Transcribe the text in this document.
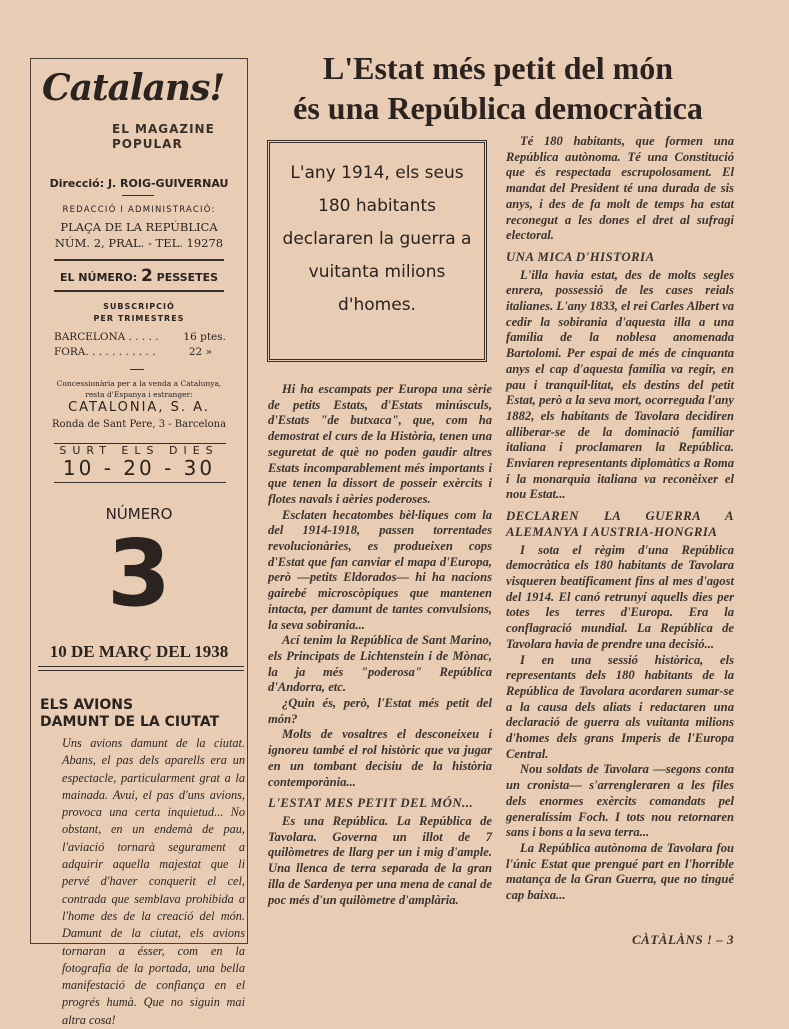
Catalans!
EL MAGAZINE
POPULAR
Direcció: J. ROIG-GUIVERNAU
REDACCIÓ I ADMINISTRACIÓ:
PLAÇA DE LA REPÚBLICA
NÚM. 2, PRAL. - TEL. 19278
EL NÚMERO: 2 PESSETES
SUBSCRIPCIÓ
PER TRIMESTRES
BARCELONA . . . . . 16 ptes.
FORA. . . . . . . . . . .	22 »
Concessionària per a la venda a Catalunya,
resta d'Espanya i estranger:
CATALONIA, S. A.
Ronda de Sant Pere, 3 - Barcelona
SURT ELS DIES
10 - 20 - 30
NÚMERO
3
10 DE MARÇ DEL 1938
ELS AVIONS
DAMUNT DE LA CIUTAT
Uns avions damunt de la ciutat. Abans, el pas dels aparells era un espectacle, particularment grat a la mainada. Avui, el pas d'uns avions, provoca una certa inquietud... No obstant, en un endemà de pau, l'aviació tornarà segurament a adquirir aquella majestat que li pervé d'haver conquerit el cel, contrada que semblava prohibida a l'home des de la creació del món. Damunt de la ciutat, els avions tornaran a ésser, com en la fotografia de la portada, una bella manifestació de confiança en el progrés humà. Que no siguin mai altra cosa!
L'Estat més petit del món
és una República democràtica
L'any 1914, els seus 180 habitants declararen la guerra a vuitanta milions d'homes.

Hi ha escampats per Europa una sèrie de petits Estats, d'Estats minúsculs, d'Estats "de butxaca", que, com ha demostrat el curs de la Història, tenen una seguretat de què no poden gaudir altres Estats incomparablement més importants i que tenen la dissort de posseir exèrcits i flotes navals i aèries poderoses.

Esclaten hecatombes bèl·liques com la del 1914-1918, passen torrentades revolucionàries, es produeixen cops d'Estat que fan canviar el mapa d'Europa, però —petits Eldorados— hi ha nacions gairebé microscòpiques que mantenen intacta, per damunt de tantes convulsions, la seva sobirania...

Ací tenim la República de Sant Marino, els Principats de Lichtenstein i de Mònac, la ja més "poderosa" República d'Andorra, etc.

¿Quin és, però, l'Estat més petit del món?

Molts de vosaltres el desconeixeu i ignoreu també el rol històric que va jugar en un tombant decisiu de la història contemporània...

L'ESTAT MES PETIT DEL MÓN...

Es una República. La República de Tavolara. Governa un illot de 7 quilòmetres de llarg per un i mig d'ample. Una llenca de terra separada de la gran illa de Sardenya per una mena de canal de poc més d'un quilòmetre d'amplària.

Té 180 habitants, que formen una República autònoma. Té una Constitució que és respectada escrupolosament. El mandat del President té una durada de sis anys, i des de fa molt de temps ha estat reconegut a les dones el dret al sufragi electoral.

UNA MICA D'HISTORIA

L'illa havia estat, des de molts segles enrera, possessió de les cases reials italianes. L'any 1833, el rei Carles Albert va cedir la sobirania d'aquesta illa a una família de la noblesa anomenada Bartolomi. Per espai de més de cinquanta anys el cap d'aquesta família va regir, en pau i tranquil·litat, els destins del petit Estat, però a la seva mort, ocorreguda l'any 1882, els habitants de Tavolara decidiren alliberar-se de la dominació familiar italiana i proclamaren la República. Enviaren representants diplomàtics a Roma i la monarquia italiana va reconèixer el nou Estat...

DECLAREN LA GUERRA A ALEMANYA I AUSTRIA-HONGRIA

I sota el règim d'una República democràtica els 180 habitants de Tavolara visqueren beatíficament fins al mes d'agost del 1914. El canó retrunyí aquells dies per totes les terres d'Europa. Era la conflagració mundial. La República de Tavolara havia de prendre una decisió...

I en una sessió històrica, els representants dels 180 habitants de la República de Tavolara acordaren sumar-se a la causa dels aliats i redactaren una declaració de guerra als vuitanta milions d'homes dels grans Imperis de l'Europa Central.

Nou soldats de Tavolara —segons conta un cronista— s'arrengleraren a les files dels enormes exèrcits comandats pel generalíssim Foch. I tots nou retornaren sans i bons a la seva terra...

La República autònoma de Tavolara fou l'únic Estat que prengué part en l'horrible matança de la Gran Guerra, que no tingué cap baixa...

CÀTÀLÀNS ! – 3
